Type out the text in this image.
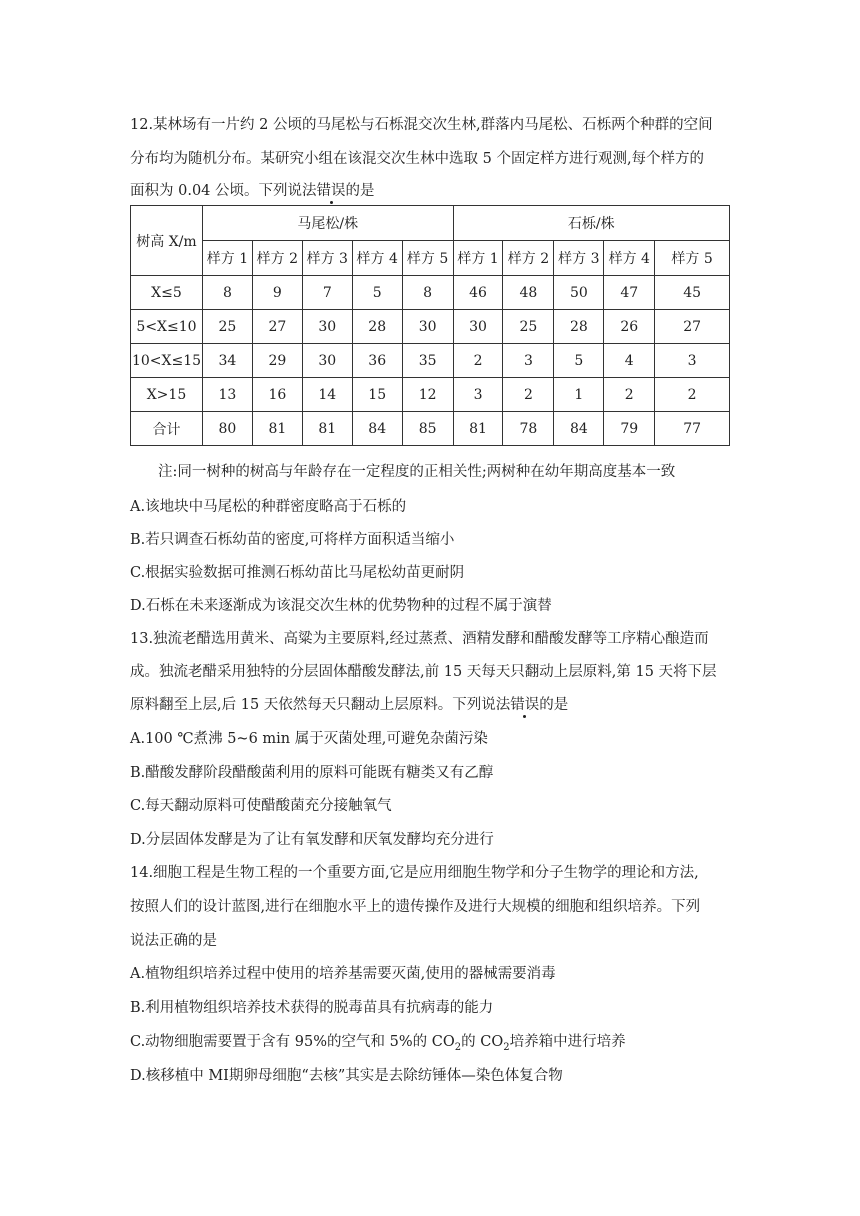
12.某林场有一片约 2 公顷的马尾松与石栎混交次生林,群落内马尾松、石栎两个种群的空间
分布均为随机分布。某研究小组在该混交次生林中选取 5 个固定样方进行观测,每个样方的
面积为 0.04 公顷。下列说法错误的是
树高 X/m	马尾松/株					石栎/株				
	样方 1	样方 2	样方 3	样方 4	样方 5	样方 1	样方 2	样方 3	样方 4	样方 5
X≤5	8	9	7	5	8	46	48	50	47	45
5<X≤10	25	27	30	28	30	30	25	28	26	27
10<X≤15	34	29	30	36	35	2	3	5	4	3
X>15	13	16	14	15	12	3	2	1	2	2
合计	80	81	81	84	85	81	78	84	79	77
注:同一树种的树高与年龄存在一定程度的正相关性;两树种在幼年期高度基本一致
A.该地块中马尾松的种群密度略高于石栎的
B.若只调查石栎幼苗的密度,可将样方面积适当缩小
C.根据实验数据可推测石栎幼苗比马尾松幼苗更耐阴
D.石栎在未来逐渐成为该混交次生林的优势物种的过程不属于演替
13.独流老醋选用黄米、高粱为主要原料,经过蒸煮、酒精发酵和醋酸发酵等工序精心酿造而
成。独流老醋采用独特的分层固体醋酸发酵法,前 15 天每天只翻动上层原料,第 15 天将下层
原料翻至上层,后 15 天依然每天只翻动上层原料。下列说法错误的是
A.100 ℃煮沸 5~6 min 属于灭菌处理,可避免杂菌污染
B.醋酸发酵阶段醋酸菌利用的原料可能既有糖类又有乙醇
C.每天翻动原料可使醋酸菌充分接触氧气
D.分层固体发酵是为了让有氧发酵和厌氧发酵均充分进行
14.细胞工程是生物工程的一个重要方面,它是应用细胞生物学和分子生物学的理论和方法,
按照人们的设计蓝图,进行在细胞水平上的遗传操作及进行大规模的细胞和组织培养。下列
说法正确的是
A.植物组织培养过程中使用的培养基需要灭菌,使用的器械需要消毒
B.利用植物组织培养技术获得的脱毒苗具有抗病毒的能力
C.动物细胞需要置于含有 95%的空气和 5%的 $CO_2$的 $CO_2$培养箱中进行培养
D.核移植中 MⅠ期卵母细胞“去核”其实是去除纺锤体—染色体复合物
